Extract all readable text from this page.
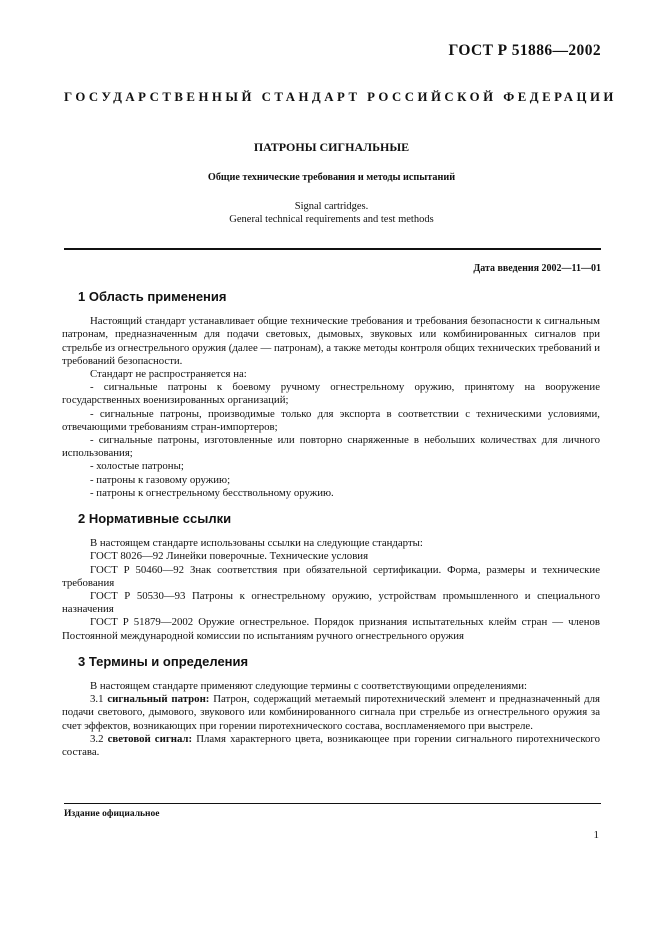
ГОСТ Р 51886—2002
ГОСУДАРСТВЕННЫЙ СТАНДАРТ РОССИЙСКОЙ ФЕДЕРАЦИИ
ПАТРОНЫ СИГНАЛЬНЫЕ
Общие технические требования и методы испытаний
Signal cartridges.
General technical requirements and test methods
Дата введения 2002—11—01
1 Область применения

Настоящий стандарт устанавливает общие технические требования и требования безопасности к сигнальным патронам, предназначенным для подачи световых, дымовых, звуковых или комбинированных сигналов при стрельбе из огнестрельного оружия (далее — патронам), а также методы контроля общих технических требований и требований безопасности.

Стандарт не распространяется на:

- сигнальные патроны к боевому ручному огнестрельному оружию, принятому на вооружение государственных военизированных организаций;

- сигнальные патроны, производимые только для экспорта в соответствии с техническими условиями, отвечающими требованиям стран-импортеров;

- сигнальные патроны, изготовленные или повторно снаряженные в небольших количествах для личного использования;

- холостые патроны;

- патроны к газовому оружию;

- патроны к огнестрельному бесствольному оружию.

2 Нормативные ссылки

В настоящем стандарте использованы ссылки на следующие стандарты:

ГОСТ 8026—92 Линейки поверочные. Технические условия

ГОСТ Р 50460—92 Знак соответствия при обязательной сертификации. Форма, размеры и технические требования

ГОСТ Р 50530—93 Патроны к огнестрельному оружию, устройствам промышленного и специального назначения

ГОСТ Р 51879—2002 Оружие огнестрельное. Порядок признания испытательных клейм стран — членов Постоянной международной комиссии по испытаниям ручного огнестрельного оружия

3 Термины и определения

В настоящем стандарте применяют следующие термины с соответствующими определениями:

3.1 сигнальный патрон: Патрон, содержащий метаемый пиротехнический элемент и предназначенный для подачи светового, дымового, звукового или комбинированного сигнала при стрельбе из огнестрельного оружия за счет эффектов, возникающих при горении пиротехнического состава, воспламеняемого при выстреле.

3.2 световой сигнал: Пламя характерного цвета, возникающее при горении сигнального пиротехнического состава.

Издание официальное
1
